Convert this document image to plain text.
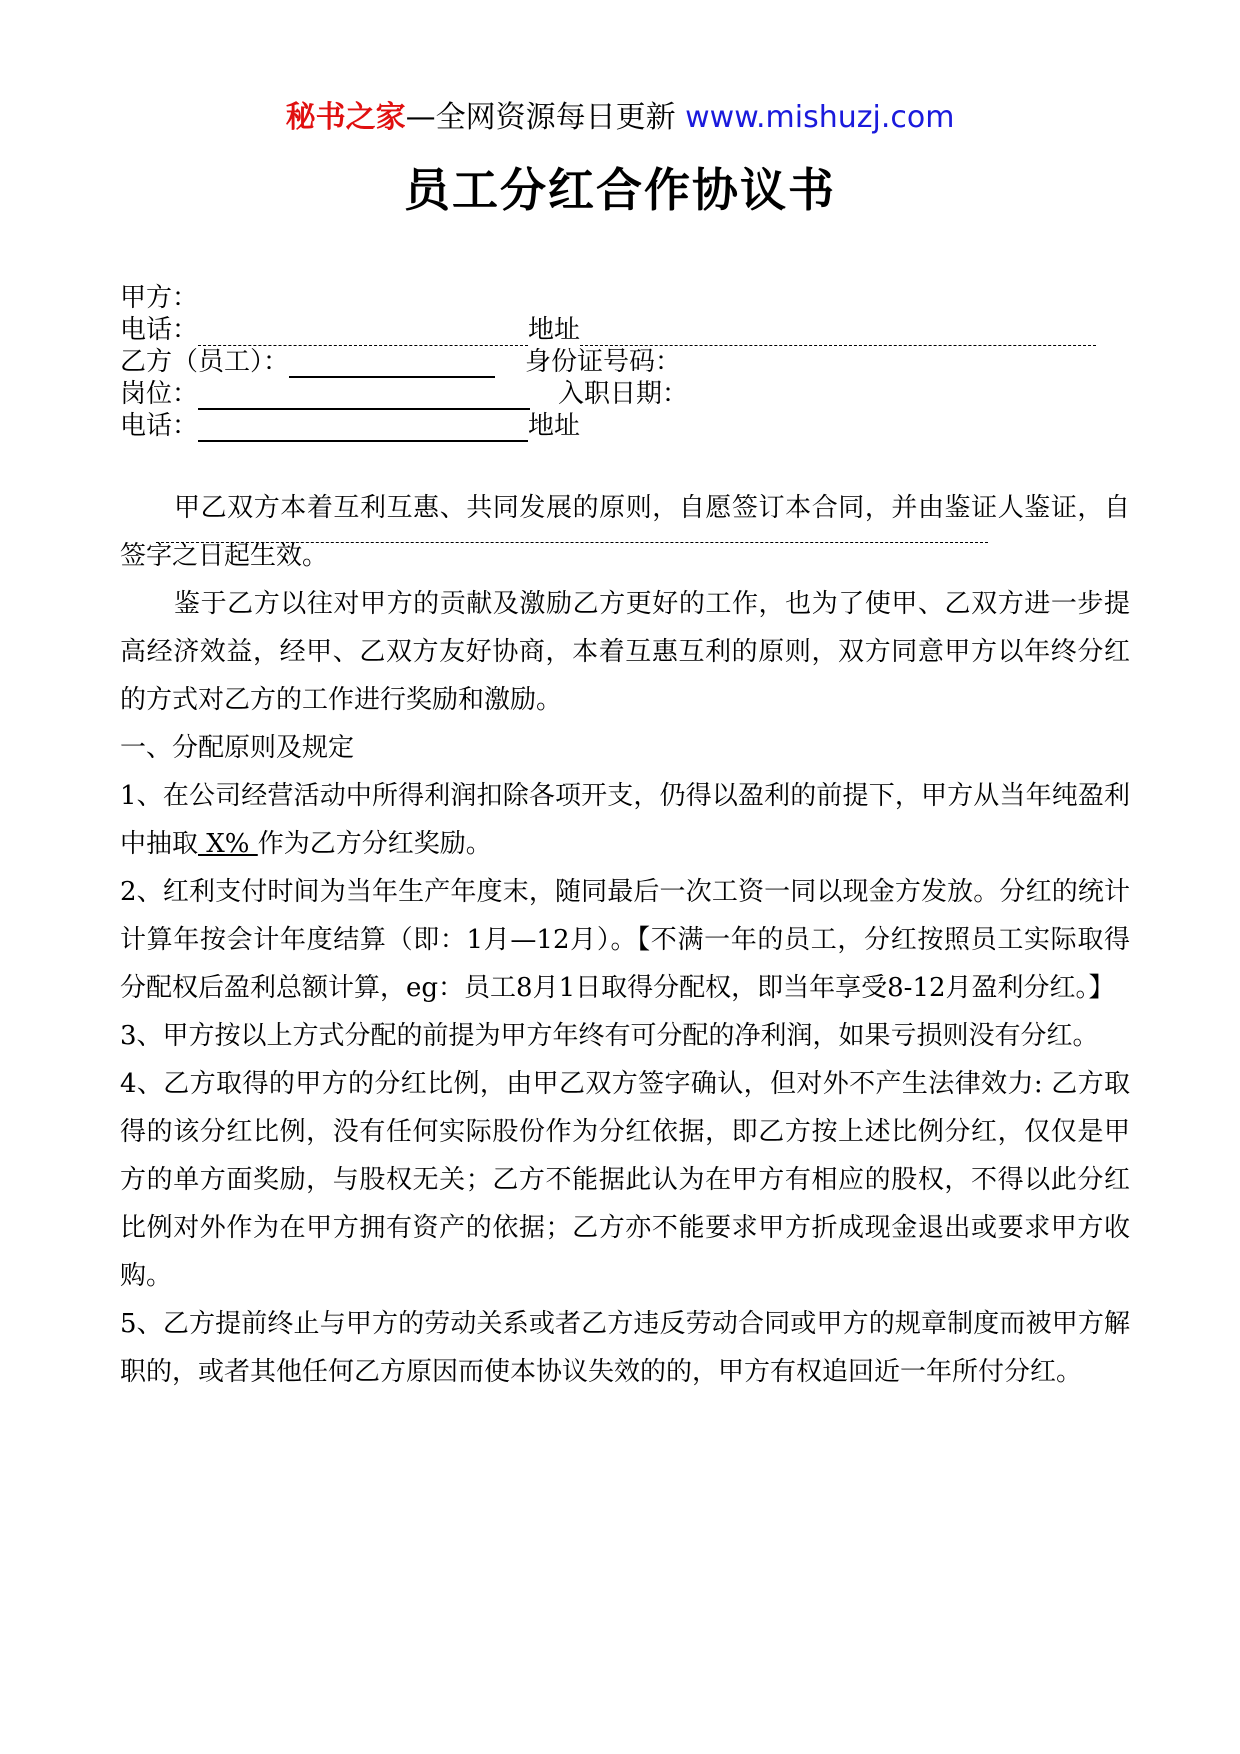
秘书之家—全网资源每日更新 www.mishuzj.com
员工分红合作协议书
甲方：
电话：	地址
乙方（员工）：	身份证号码：
岗位：	入职日期：
电话：	地址

甲乙双方本着互利互惠、共同发展的原则，自愿签订本合同，并由鉴证人鉴证，自签字之日起生效。

鉴于乙方以往对甲方的贡献及激励乙方更好的工作，也为了使甲、乙双方进一步提高经济效益，经甲、乙双方友好协商，本着互惠互利的原则，双方同意甲方以年终分红的方式对乙方的工作进行奖励和激励。

一、分配原则及规定

1、在公司经营活动中所得利润扣除各项开支，仍得以盈利的前提下，甲方从当年纯盈利中抽取 X% 作为乙方分红奖励。

2、红利支付时间为当年生产年度末，随同最后一次工资一同以现金方发放。分红的统计计算年按会计年度结算（即：1月—12月）。【不满一年的员工，分红按照员工实际取得分配权后盈利总额计算，eg：员工8月1日取得分配权，即当年享受8-12月盈利分红。】

3、甲方按以上方式分配的前提为甲方年终有可分配的净利润，如果亏损则没有分红。

4、乙方取得的甲方的分红比例，由甲乙双方签字确认，但对外不产生法律效力: 乙方取得的该分红比例，没有任何实际股份作为分红依据，即乙方按上述比例分红，仅仅是甲方的单方面奖励，与股权无关；乙方不能据此认为在甲方有相应的股权，不得以此分红比例对外作为在甲方拥有资产的依据；乙方亦不能要求甲方折成现金退出或要求甲方收购。

5、乙方提前终止与甲方的劳动关系或者乙方违反劳动合同或甲方的规章制度而被甲方解职的，或者其他任何乙方原因而使本协议失效的的，甲方有权追回近一年所付分红。
